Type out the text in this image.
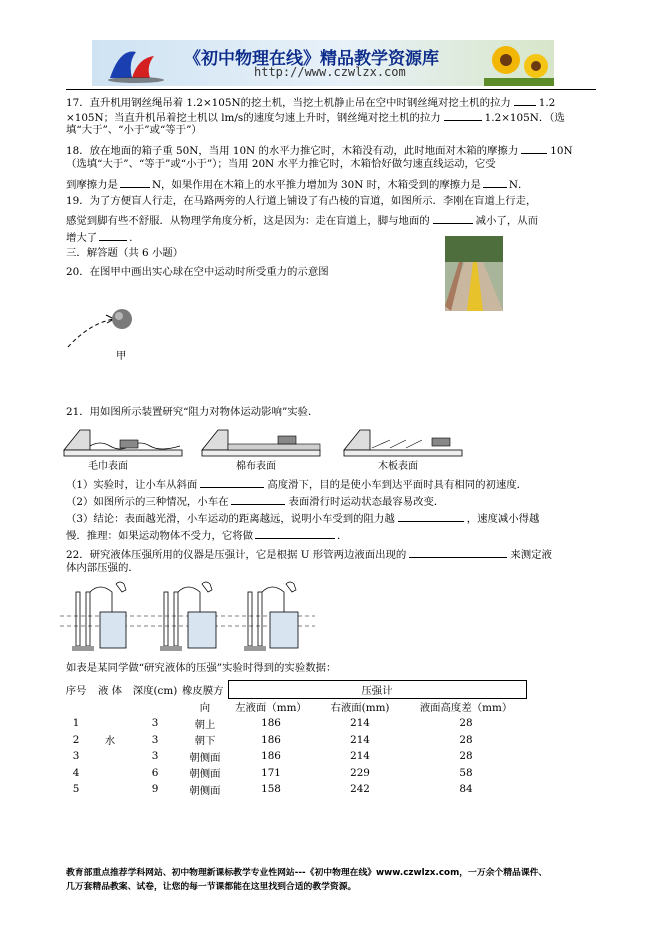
《初中物理在线》精品教学资源库
http://www.czwlzx.com
17．直升机用钢丝绳吊着 1.2×105N的挖土机，当挖土机静止吊在空中时钢丝绳对挖土机的拉力	1.2
×105N；当直升机吊着挖土机以 lm/s的速度匀速上升时，钢丝绳对挖土机的拉力	1.2×105N．（选
填“大于”、“小于”或“等于”）
18．放在地面的箱子重 50N，当用 10N 的水平力推它时，木箱没有动，此时地面对木箱的摩擦力	10N
（选填“大于”、“等于”或“小于”）；当用 20N 水平力推它时，木箱恰好做匀速直线运动，它受
到摩擦力是	N，如果作用在木箱上的水平推力增加为 30N 时，木箱受到的摩擦力是	N．
19．为了方便盲人行走，在马路两旁的人行道上铺设了有凸棱的盲道，如图所示．李刚在盲道上行走，
感觉到脚有些不舒服．从物理学角度分析，这是因为：走在盲道上，脚与地面的	减小了，从而
增大了	.
三．解答题（共 6 小题）
20．在图甲中画出实心球在空中运动时所受重力的示意图
甲
21．用如图所示装置研究“阻力对物体运动影响”实验．
毛巾表面	棉布表面	木板表面
（1）实验时，让小车从斜面	高度滑下，目的是使小车到达平面时具有相同的初速度．
（2）如图所示的三种情况，小车在	表面滑行时运动状态最容易改变．
（3）结论：表面越光滑，小车运动的距离越远，说明小车受到的阻力越	，速度减小得越
慢．推理：如果运动物体不受力，它将做	．
22．研究液体压强所用的仪器是压强计，它是根据 U 形管两边液面出现的	来测定液
体内部压强的．
如表是某同学做“研究液体的压强”实验时得到的实验数据：
序号	液 体	深度(cm)	橡皮膜方	压强计		
			向	左液面（mm）	右液面(mm)	液面高度差（mm）
1		3	朝上	186	214	28
2	水	3	朝下	186	214	28
3		3	朝侧面	186	214	28
4		6	朝侧面	171	229	58
5		9	朝侧面	158	242	84
教育部重点推荐学科网站、初中物理新课标教学专业性网站---《初中物理在线》www.czwlzx.com，一万余个精品课件、
几万套精品教案、试卷，让您的每一节课都能在这里找到合适的教学资源。
